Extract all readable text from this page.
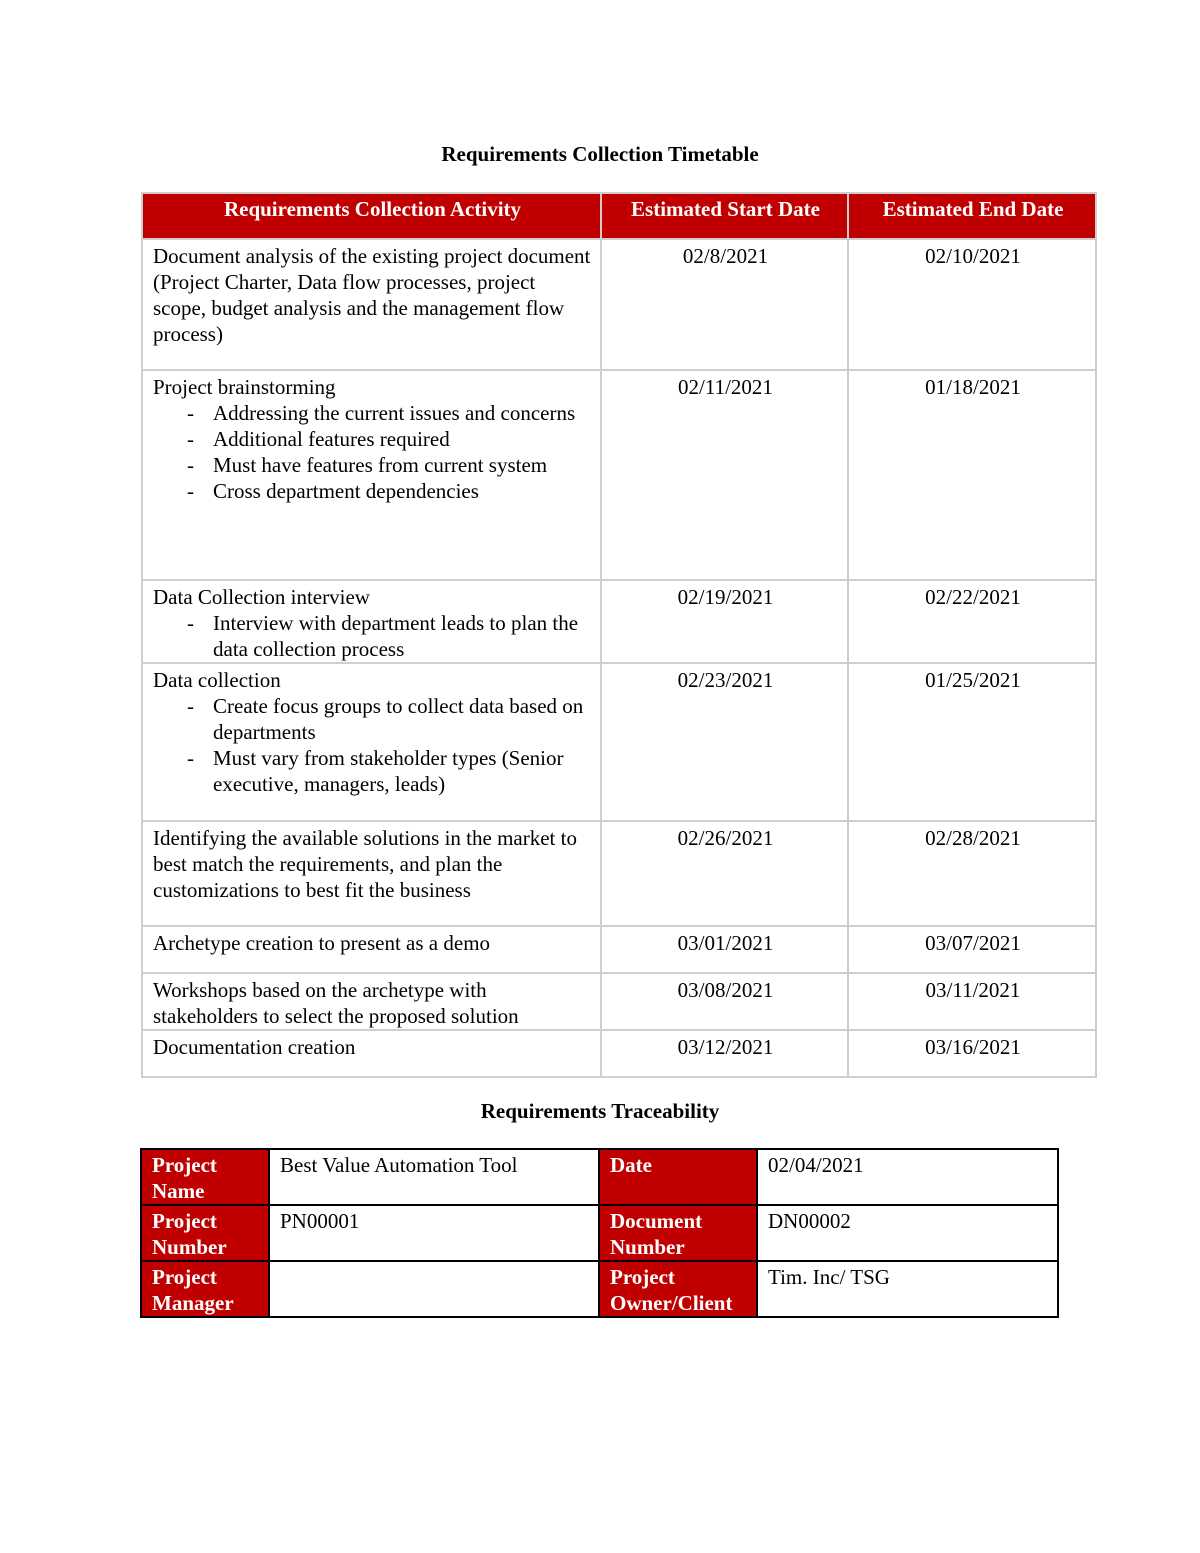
Requirements Collection Timetable
Requirements Collection Activity	Estimated Start Date	Estimated End Date

Document analysis of the existing project document (Project Charter, Data flow processes, project scope, budget analysis and the management flow process)	02/8/2021	02/10/2021

Project brainstorming
- Addressing the current issues and concerns
- Additional features required
- Must have features from current system
- Cross department dependencies	02/11/2021	01/18/2021

Data Collection interview
- Interview with department leads to plan the data collection process	02/19/2021	02/22/2021

Data collection
- Create focus groups to collect data based on departments
- Must vary from stakeholder types (Senior executive, managers, leads)	02/23/2021	01/25/2021

Identifying the available solutions in the market to best match the requirements, and plan the customizations to best fit the business	02/26/2021	02/28/2021

Archetype creation to present as a demo	03/01/2021	03/07/2021

Workshops based on the archetype with stakeholders to select the proposed solution	03/08/2021	03/11/2021

Documentation creation	03/12/2021	03/16/2021
Requirements Traceability
Project Name	Best Value Automation Tool	Date	02/04/2021
Project Number	PN00001	Document Number	DN00002
Project Manager		Project Owner/Client	Tim. Inc/ TSG
